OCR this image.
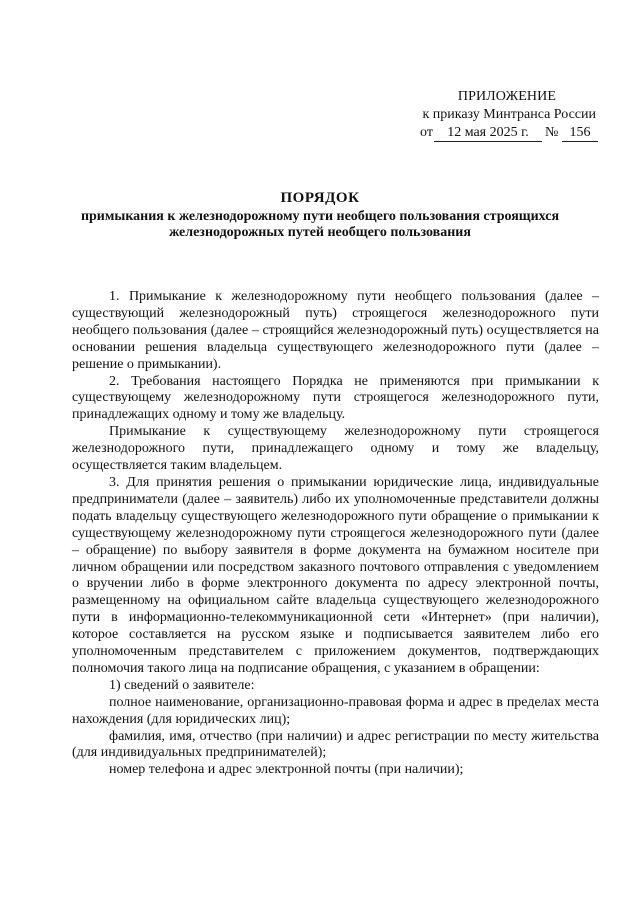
ПРИЛОЖЕНИЕ
к приказу Минтранса России
от	12 мая 2025 г.	№ 156
ПОРЯДОК
примыкания к железнодорожному пути необщего пользования строящихся железнодорожных путей необщего пользования

1. Примыкание к железнодорожному пути необщего пользования (далее – существующий железнодорожный путь) строящегося железнодорожного пути необщего пользования (далее – строящийся железнодорожный путь) осуществляется на основании решения владельца существующего железнодорожного пути (далее – решение о примыкании).

2. Требования настоящего Порядка не применяются при примыкании к существующему железнодорожному пути строящегося железнодорожного пути, принадлежащих одному и тому же владельцу.

Примыкание к существующему железнодорожному пути строящегося железнодорожного пути, принадлежащего одному и тому же владельцу, осуществляется таким владельцем.

3. Для принятия решения о примыкании юридические лица, индивидуальные предприниматели (далее – заявитель) либо их уполномоченные представители должны подать владельцу существующего железнодорожного пути обращение о примыкании к существующему железнодорожному пути строящегося железнодорожного пути (далее – обращение) по выбору заявителя в форме документа на бумажном носителе при личном обращении или посредством заказного почтового отправления с уведомлением о вручении либо в форме электронного документа по адресу электронной почты, размещенному на официальном сайте владельца существующего железнодорожного пути в информационно-телекоммуникационной сети «Интернет» (при наличии), которое составляется на русском языке и подписывается заявителем либо его уполномоченным представителем с приложением документов, подтверждающих полномочия такого лица на подписание обращения, с указанием в обращении:

1) сведений о заявителе:

полное наименование, организационно-правовая форма и адрес в пределах места нахождения (для юридических лиц);

фамилия, имя, отчество (при наличии) и адрес регистрации по месту жительства (для индивидуальных предпринимателей);

номер телефона и адрес электронной почты (при наличии);
